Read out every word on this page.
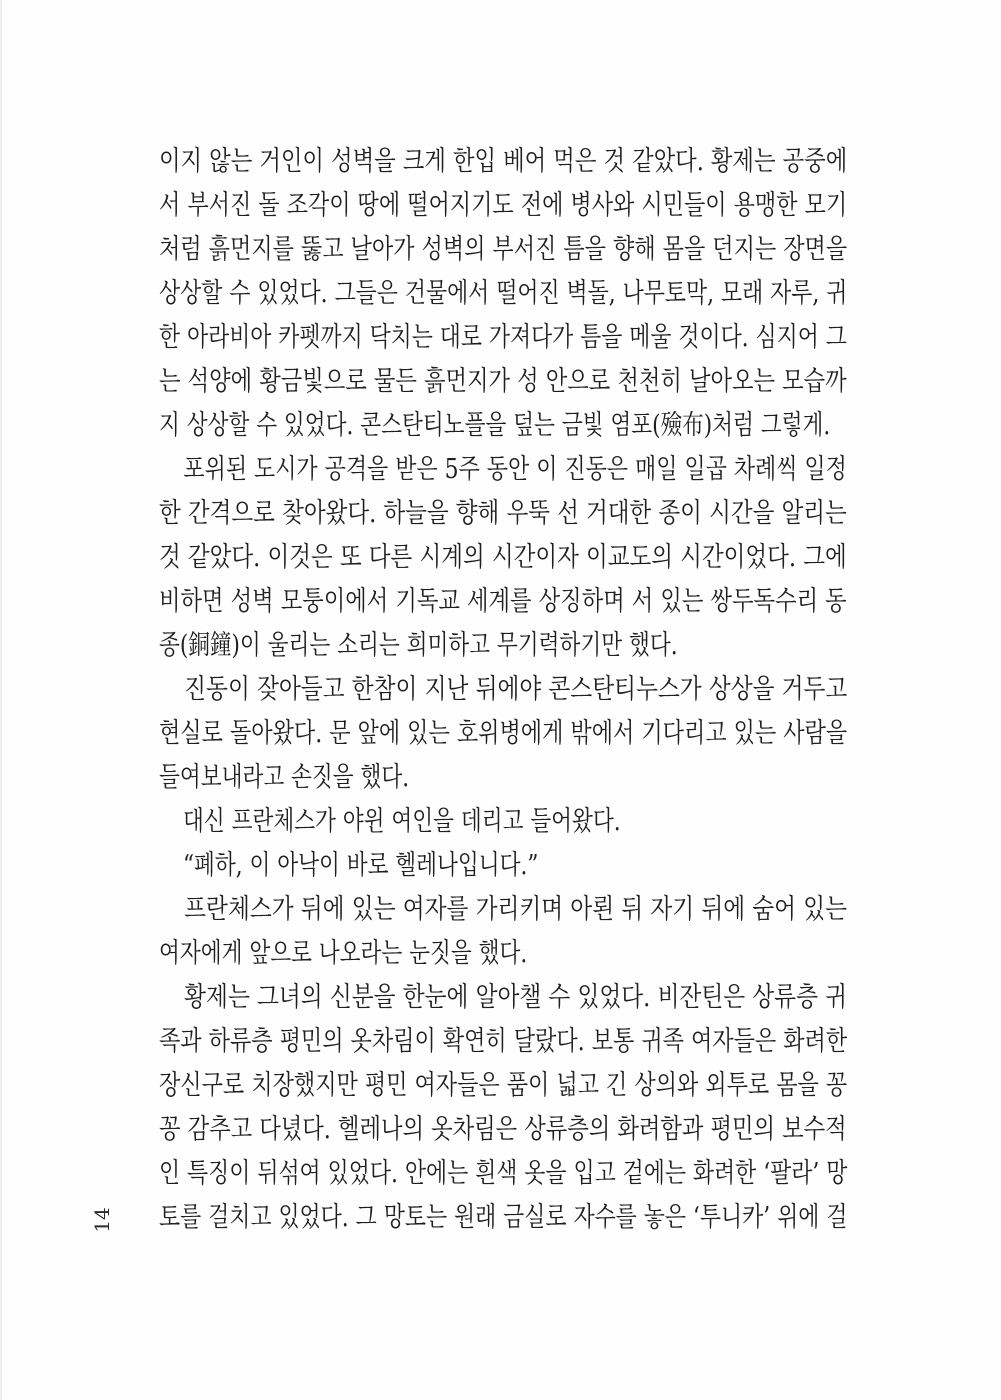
14
이지 않는 거인이 성벽을 크게 한입 베어 먹은 것 같았다. 황제는 공중에
서 부서진 돌 조각이 땅에 떨어지기도 전에 병사와 시민들이 용맹한 모기
처럼 흙먼지를 뚫고 날아가 성벽의 부서진 틈을 향해 몸을 던지는 장면을
상상할 수 있었다. 그들은 건물에서 떨어진 벽돌, 나무토막, 모래 자루, 귀
한 아라비아 카펫까지 닥치는 대로 가져다가 틈을 메울 것이다. 심지어 그
는 석양에 황금빛으로 물든 흙먼지가 성 안으로 천천히 날아오는 모습까
지 상상할 수 있었다. 콘스탄티노플을 덮는 금빛 염포(殮布)처럼 그렇게.
포위된 도시가 공격을 받은 5주 동안 이 진동은 매일 일곱 차례씩 일정
한 간격으로 찾아왔다. 하늘을 향해 우뚝 선 거대한 종이 시간을 알리는
것 같았다. 이것은 또 다른 시계의 시간이자 이교도의 시간이었다. 그에
비하면 성벽 모퉁이에서 기독교 세계를 상징하며 서 있는 쌍두독수리 동
종(銅鐘)이 울리는 소리는 희미하고 무기력하기만 했다.
진동이 잦아들고 한참이 지난 뒤에야 콘스탄티누스가 상상을 거두고
현실로 돌아왔다. 문 앞에 있는 호위병에게 밖에서 기다리고 있는 사람을
들여보내라고 손짓을 했다.
대신 프란체스가 야윈 여인을 데리고 들어왔다.
“폐하, 이 아낙이 바로 헬레나입니다.”
프란체스가 뒤에 있는 여자를 가리키며 아뢴 뒤 자기 뒤에 숨어 있는
여자에게 앞으로 나오라는 눈짓을 했다.
황제는 그녀의 신분을 한눈에 알아챌 수 있었다. 비잔틴은 상류층 귀
족과 하류층 평민의 옷차림이 확연히 달랐다. 보통 귀족 여자들은 화려한
장신구로 치장했지만 평민 여자들은 품이 넓고 긴 상의와 외투로 몸을 꽁
꽁 감추고 다녔다. 헬레나의 옷차림은 상류층의 화려함과 평민의 보수적
인 특징이 뒤섞여 있었다. 안에는 흰색 옷을 입고 겉에는 화려한 ‘팔라’ 망
토를 걸치고 있었다. 그 망토는 원래 금실로 자수를 놓은 ‘투니카’ 위에 걸
